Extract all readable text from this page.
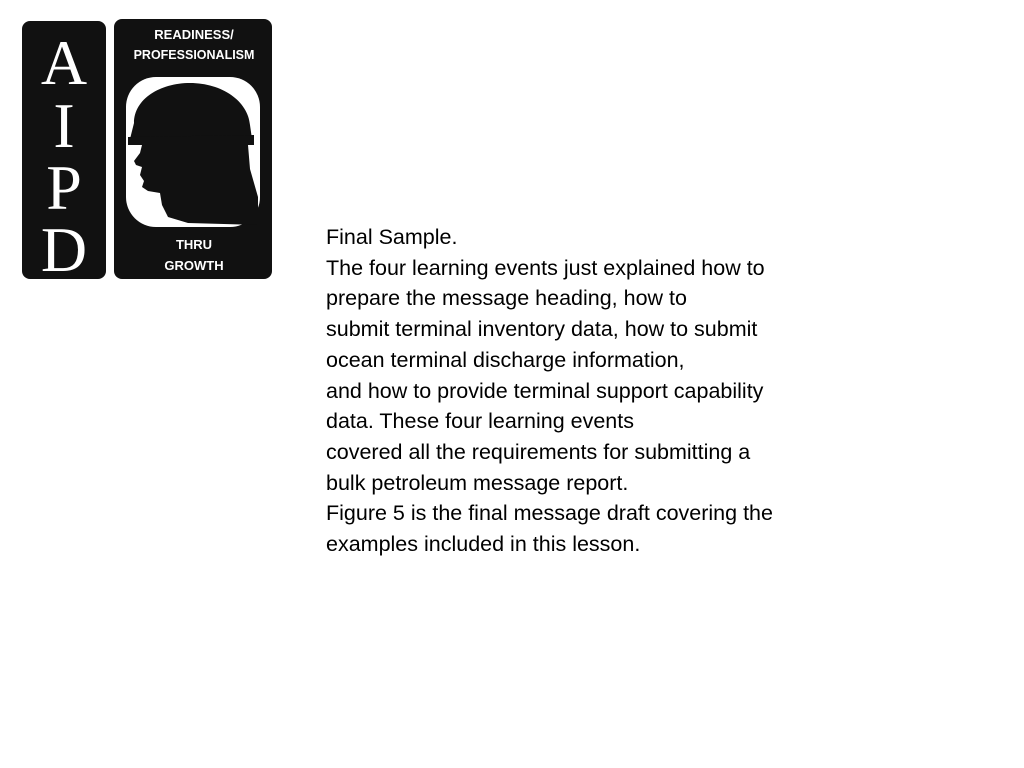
A
I
P
D
READINESS/
PROFESSIONALISM
THRU
GROWTH
Final Sample.
The four learning events just explained how to
prepare the message heading, how to
submit terminal inventory data, how to submit
ocean terminal discharge information,
and how to provide terminal support capability
data. These four learning events
covered all the requirements for submitting a
bulk petroleum message report.
Figure 5 is the final message draft covering the
examples included in this lesson.
